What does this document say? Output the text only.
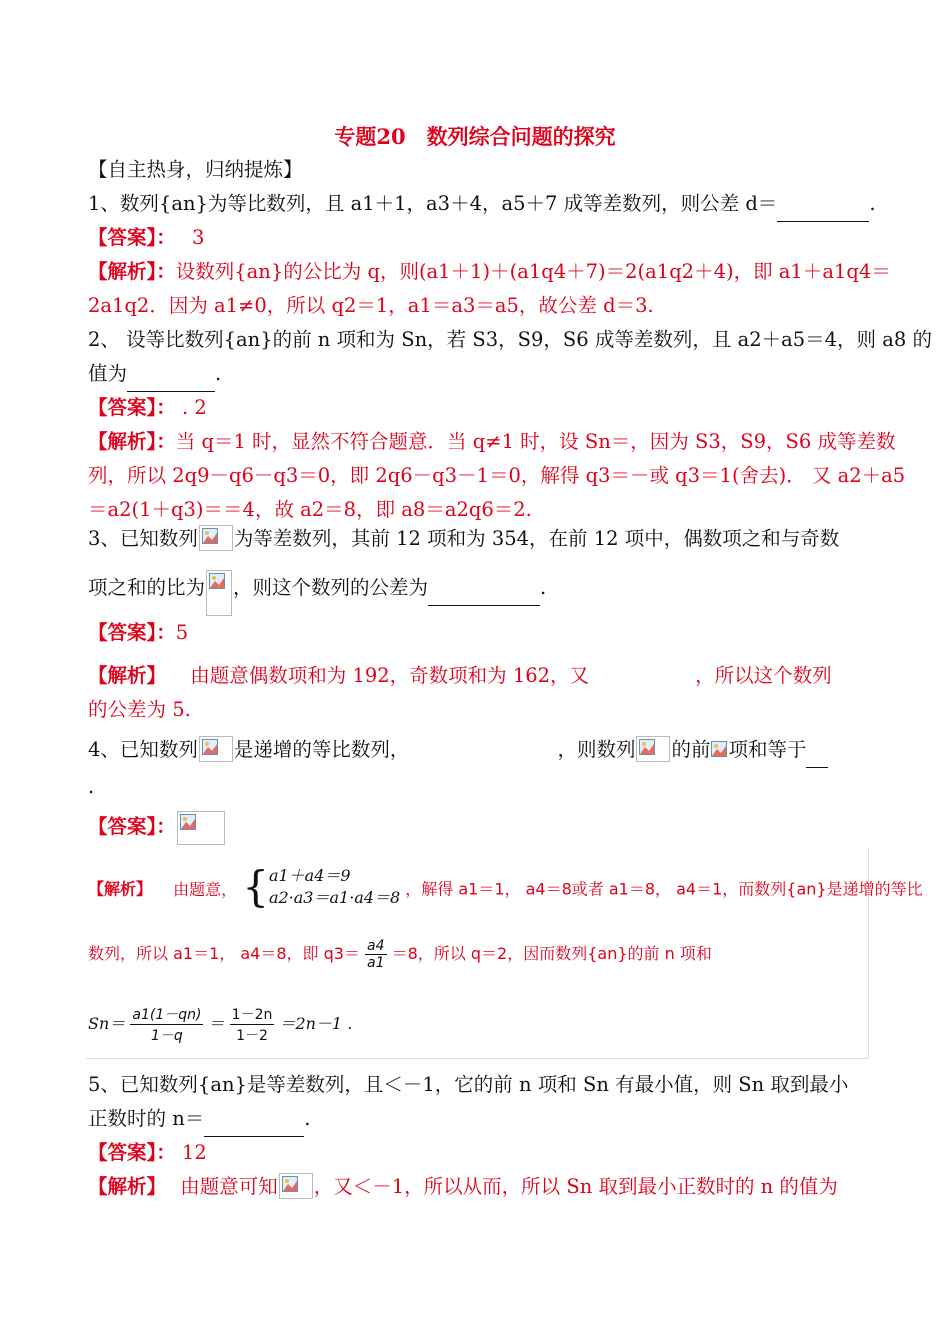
专题20　数列综合问题的探究
【自主热身，归纳提炼】
1、数列{an}为等比数列，且 a1＋1，a3＋4，a5＋7 成等差数列，则公差 d＝	.
【答案】： 3
【解析】：设数列{an}的公比为 q，则(a1＋1)＋(a1q4＋7)＝2(a1q2＋4)，即 a1＋a1q4＝
2a1q2．因为 a1≠0，所以 q2＝1，a1＝a3＝a5，故公差 d＝3.
2、 设等比数列{an}的前 n 项和为 Sn，若 S3，S9，S6 成等差数列，且 a2＋a5＝4，则 a8 的
值为	.
【答案】： . 2
【解析】：当 q＝1 时，显然不符合题意．当 q≠1 时，设 Sn＝，因为 S3，S9，S6 成等差数
列，所以 2q9－q6－q3＝0，即 2q6－q3－1＝0，解得 q3＝－或 q3＝1(舍去)． 又 a2＋a5
＝a2(1＋q3)＝＝4，故 a2＝8，即 a8＝a2q6＝2.
3、已知数列 为等差数列，其前 12 项和为 354，在前 12 项中，偶数项之和与奇数
项之和的比为 ，则这个数列的公差为	.
【答案】：5
【解析】 由题意偶数项和为 192，奇数项和为 162，又	，所以这个数列
的公差为 5.
4、已知数列 是递增的等比数列，	，则数列 的前 项和等于
.
【答案】：
【解析】 由题意， { a1＋a4＝9
a2·a3＝a1·a4＝8 ，解得 a1＝1， a4＝8或者 a1＝8， a4＝1，而数列{an}是递增的等比
数列，所以 a1＝1， a4＝8，即 $q3= \frac{a4}{a1} =8$，所以 q＝2，因而数列{an}的前 n 项和
$Sn= \frac{a1(1-qn)}{1-q} = \frac{1-2n}{1-2} =2n-1$ .
5、已知数列{an}是等差数列，且＜－1，它的前 n 项和 Sn 有最小值，则 Sn 取到最小
正数时的 n＝	.
【答案】： 12
【解析】 由题意可知 ，又＜－1，所以从而，所以 Sn 取到最小正数时的 n 的值为
